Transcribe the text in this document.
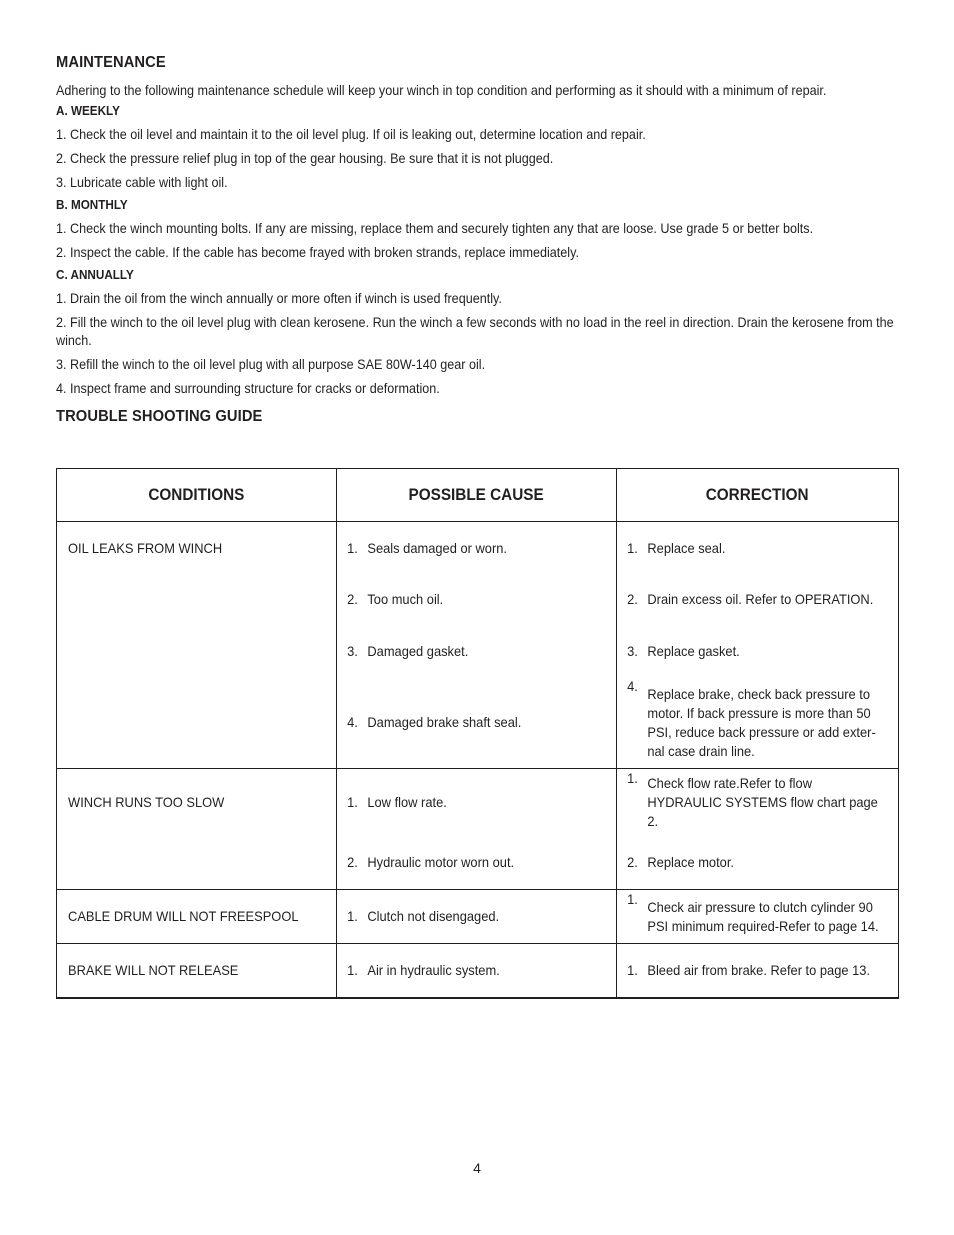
MAINTENANCE

Adhering to the following maintenance schedule will keep your winch in top condition and performing as it should with a minimum of repair.

A. WEEKLY

1. Check the oil level and maintain it to the oil level plug. If oil is leaking out, determine location and repair.

2. Check the pressure relief plug in top of the gear housing. Be sure that it is not plugged.

3. Lubricate cable with light oil.

B. MONTHLY

1. Check the winch mounting bolts. If any are missing, replace them and securely tighten any that are loose. Use grade 5 or better bolts.

2. Inspect the cable. If the cable has become frayed with broken strands, replace immediately.

C. ANNUALLY

1. Drain the oil from the winch annually or more often if winch is used frequently.

2. Fill the winch to the oil level plug with clean kerosene. Run the winch a few seconds with no load in the reel in direction. Drain the kerosene from the winch.

3. Refill the winch to the oil level plug with all purpose SAE 80W-140 gear oil.

4. Inspect frame and surrounding structure for cracks or deformation.

TROUBLE SHOOTING GUIDE
CONDITIONS	POSSIBLE CAUSE	CORRECTION

OIL LEAKS FROM WINCH	1. Seals damaged or worn.	1. Replace seal.

	2. Too much oil.	2. Drain excess oil. Refer to OPERATION.

	3. Damaged gasket.	3. Replace gasket.

	4. Damaged brake shaft seal.	4. Replace brake, check back pressure to motor. If back pressure is more than 50 PSI, reduce back pressure or add exter-nal case drain line.

WINCH RUNS TOO SLOW	1. Low flow rate.	1. Check flow rate.Refer to flow HYDRAULIC SYSTEMS flow chart page 2.

	2. Hydraulic motor worn out.	2. Replace motor.

CABLE DRUM WILL NOT FREESPOOL	1. Clutch not disengaged.	1. Check air pressure to clutch cylinder 90 PSI minimum required-Refer to page 14.

BRAKE WILL NOT RELEASE	1. Air in hydraulic system.	1. Bleed air from brake. Refer to page 13.
4
